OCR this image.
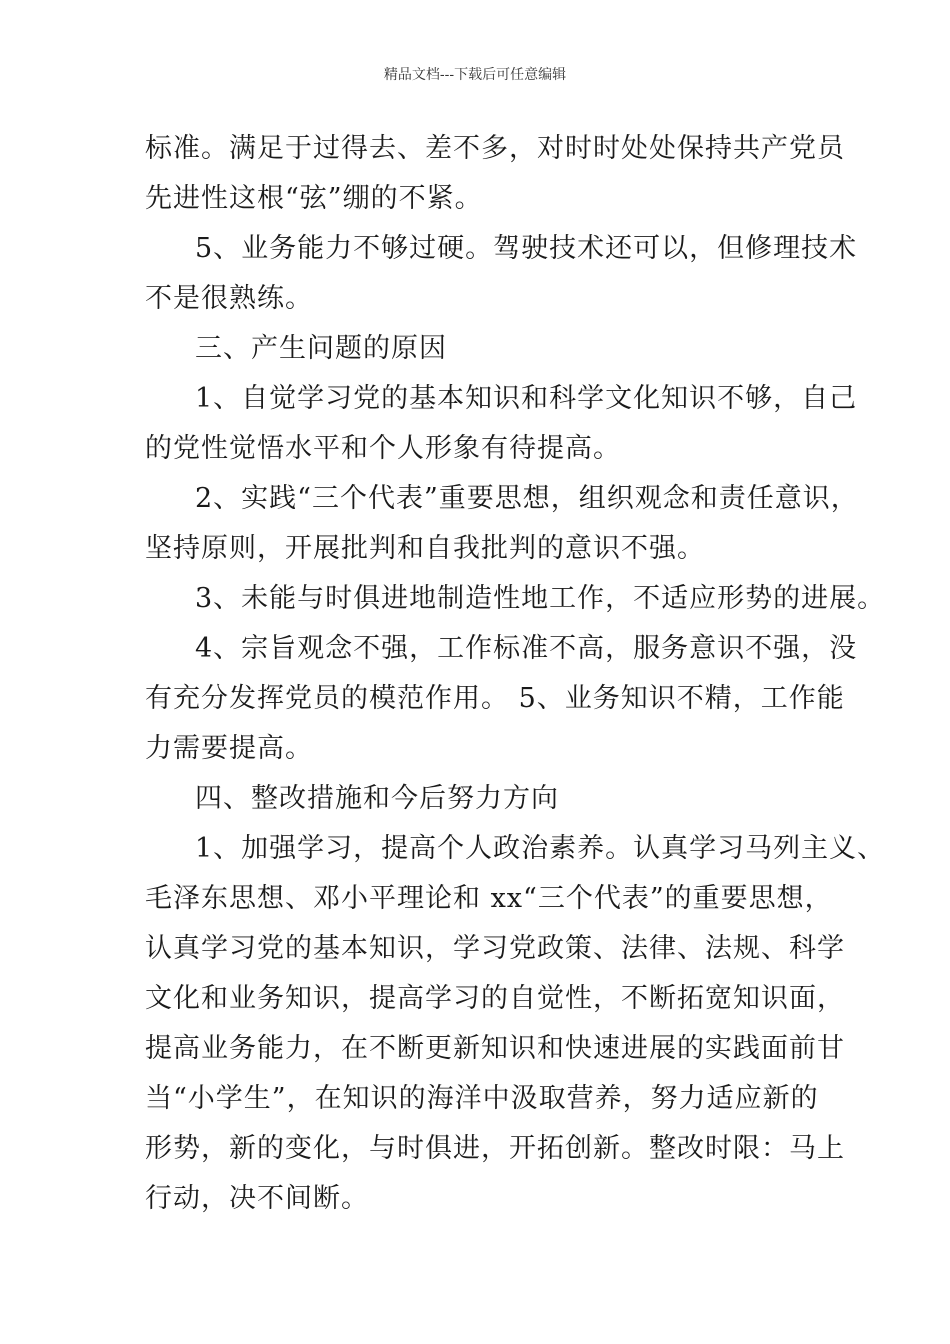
精品文档---下载后可任意编辑
标准。满足于过得去、差不多，对时时处处保持共产党员
先进性这根“弦”绷的不紧。
5、业务能力不够过硬。驾驶技术还可以，但修理技术
不是很熟练。
三、产生问题的原因
1、自觉学习党的基本知识和科学文化知识不够，自己
的党性觉悟水平和个人形象有待提高。
2、实践“三个代表”重要思想，组织观念和责任意识，
坚持原则，开展批判和自我批判的意识不强。
3、未能与时俱进地制造性地工作，不适应形势的进展。
4、宗旨观念不强，工作标准不高，服务意识不强，没
有充分发挥党员的模范作用。 5、业务知识不精，工作能
力需要提高。
四、整改措施和今后努力方向
1、加强学习，提高个人政治素养。认真学习马列主义、
毛泽东思想、邓小平理论和 xx“三个代表”的重要思想，
认真学习党的基本知识，学习党政策、法律、法规、科学
文化和业务知识，提高学习的自觉性，不断拓宽知识面，
提高业务能力，在不断更新知识和快速进展的实践面前甘
当“小学生”，在知识的海洋中汲取营养，努力适应新的
形势，新的变化，与时俱进，开拓创新。整改时限：马上
行动，决不间断。
